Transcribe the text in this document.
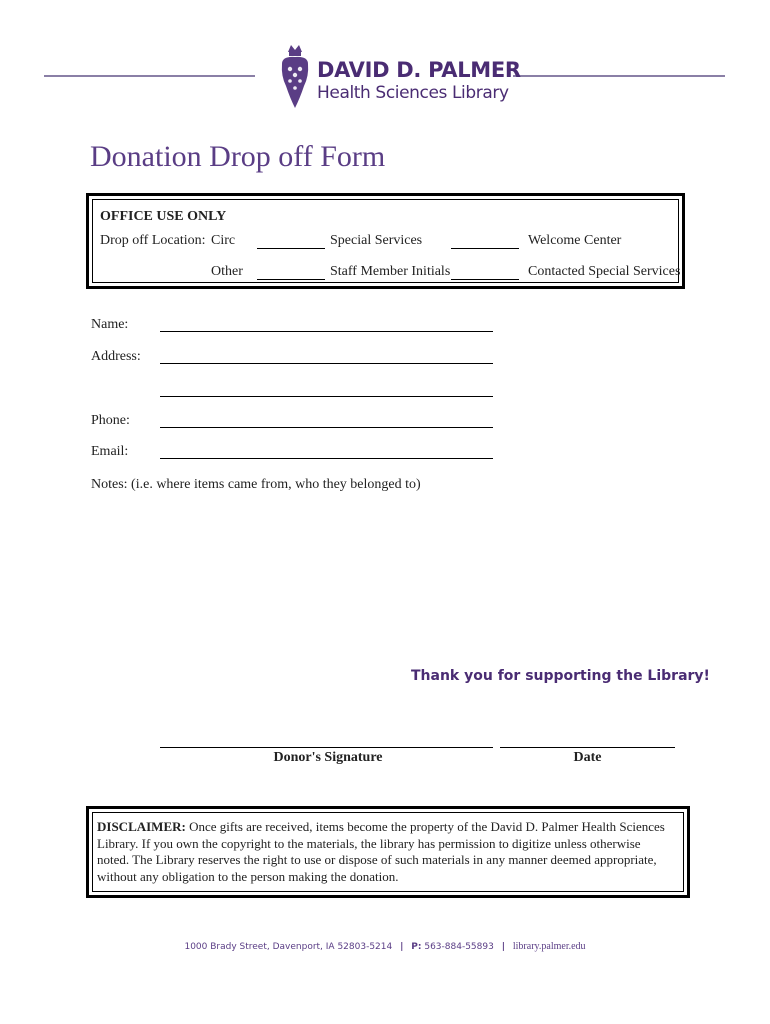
DAVID D. PALMER
Health Sciences Library
Donation Drop off Form
OFFICE USE ONLY
Drop off Location: Circ	Special Services	Welcome Center
Other	Staff Member Initials	Contacted Special Services
Name:
Address:
Phone:
Email:
Notes: (i.e. where items came from, who they belonged to)
Thank you for supporting the Library!
Donor's Signature	Date
DISCLAIMER: Once gifts are received, items become the property of the David D. Palmer Health Sciences Library. If you own the copyright to the materials, the library has permission to digitize unless otherwise noted. The Library reserves the right to use or dispose of such materials in any manner deemed appropriate, without any obligation to the person making the donation.
1000 Brady Street, Davenport, IA 52803-5214 | P: 563-884-55893 | library.palmer.edu
